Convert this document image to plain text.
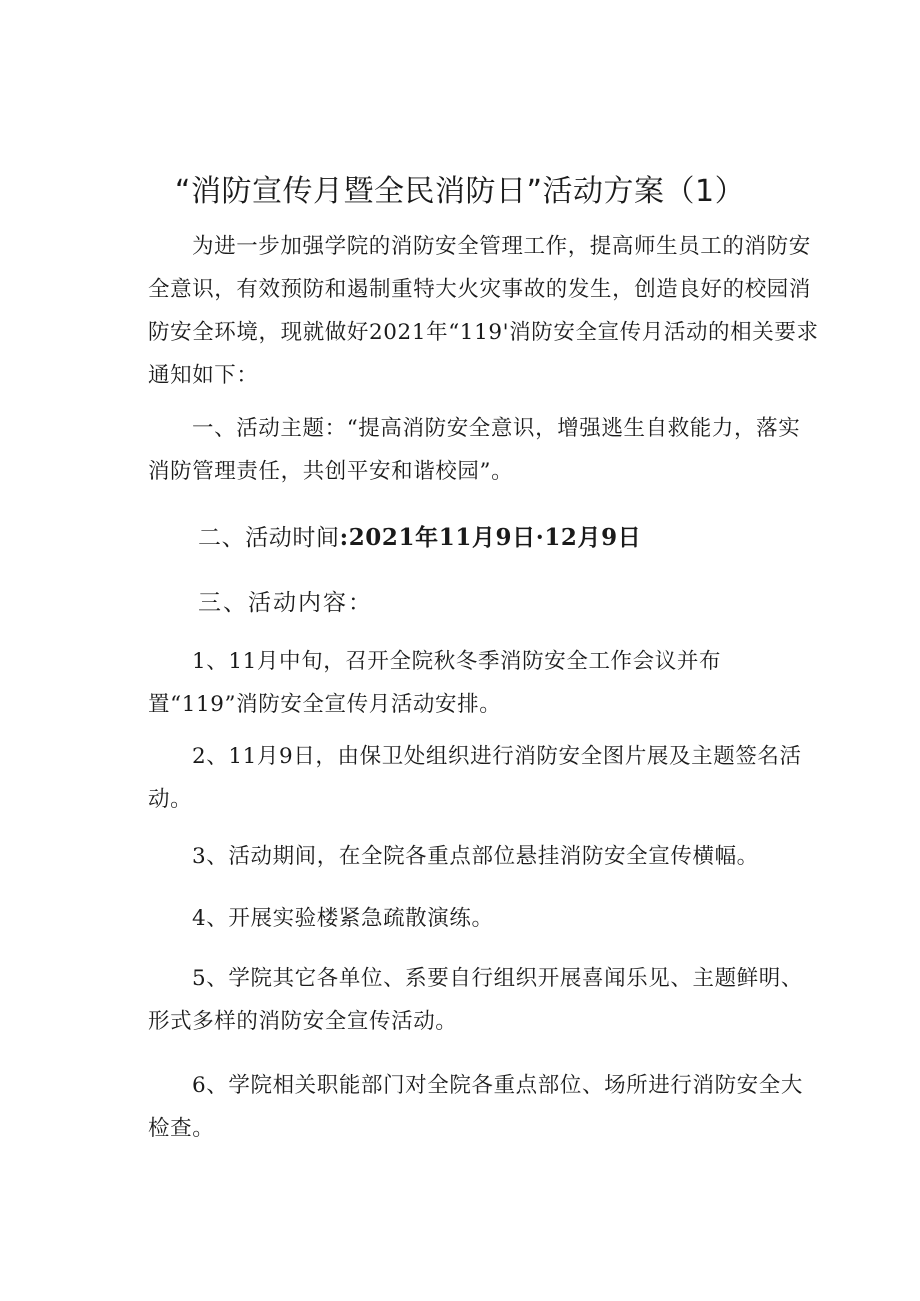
“消防宣传月暨全民消防日”活动方案（1）

为进一步加强学院的消防安全管理工作，提高师生员工的消防安全意识，有效预防和遏制重特大火灾事故的发生，创造良好的校园消防安全环境，现就做好2021年“119'消防安全宣传月活动的相关要求通知如下：

一、活动主题：“提高消防安全意识，增强逃生自救能力，落实消防管理责任，共创平安和谐校园”。

二、活动时间:2021年11月9日·12月9日

三、活动内容：

1、11月中旬，召开全院秋冬季消防安全工作会议并布置“119”消防安全宣传月活动安排。

2、11月9日，由保卫处组织进行消防安全图片展及主题签名活动。

3、活动期间，在全院各重点部位悬挂消防安全宣传横幅。

4、开展实验楼紧急疏散演练。

5、学院其它各单位、系要自行组织开展喜闻乐见、主题鲜明、形式多样的消防安全宣传活动。

6、学院相关职能部门对全院各重点部位、场所进行消防安全大检查。
